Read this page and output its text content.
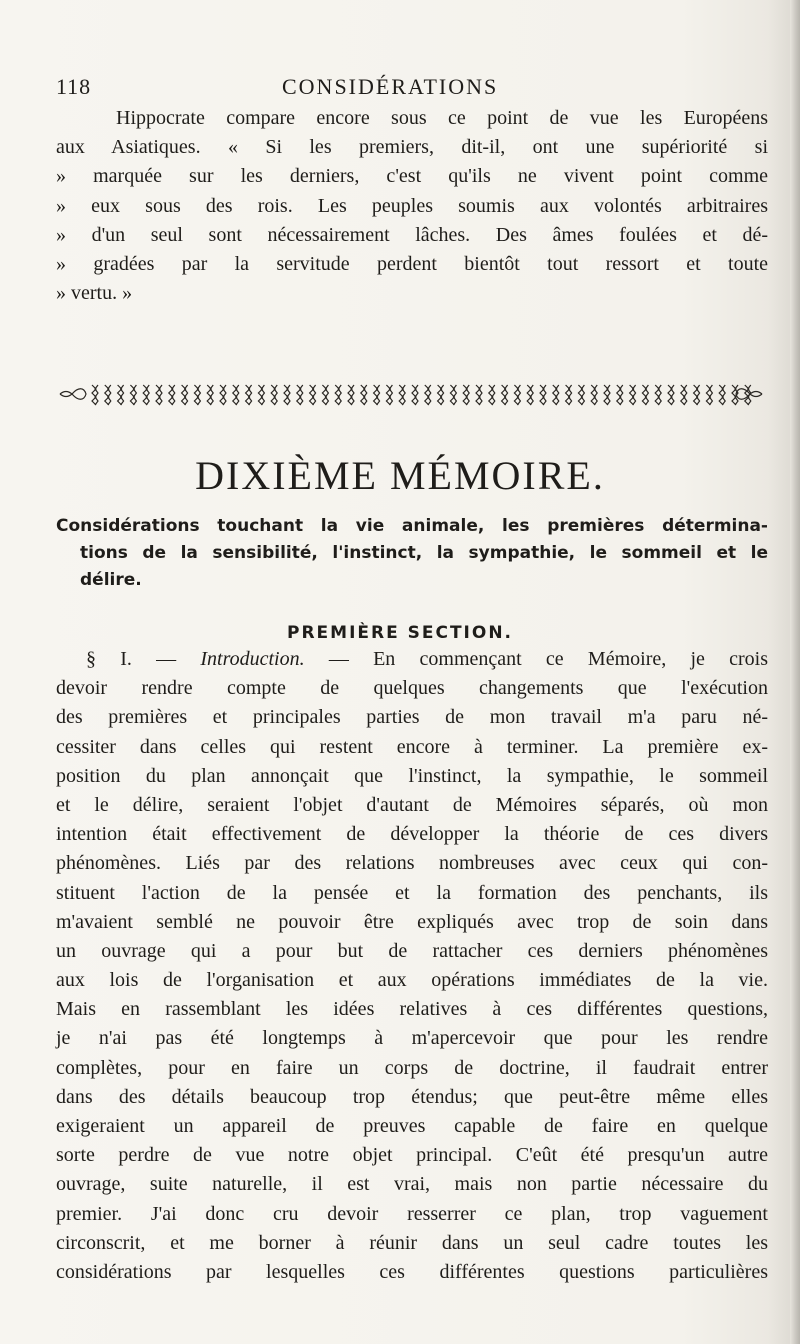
118	CONSIDÉRATIONS
Hippocrate compare encore sous ce point de vue les Européens
aux Asiatiques. « Si les premiers, dit-il, ont une supériorité si
» marquée sur les derniers, c'est qu'ils ne vivent point comme
» eux sous des rois. Les peuples soumis aux volontés arbitraires
» d'un seul sont nécessairement lâches. Des âmes foulées et dé-
» gradées par la servitude perdent bientôt tout ressort et toute
» vertu. »
DIXIÈME MÉMOIRE.
Considérations touchant la vie animale, les premières détermina-
tions de la sensibilité, l'instinct, la sympathie, le sommeil et le
délire.
PREMIÈRE SECTION.
§ I. — Introduction. — En commençant ce Mémoire, je crois
devoir rendre compte de quelques changements que l'exécution
des premières et principales parties de mon travail m'a paru né-
cessiter dans celles qui restent encore à terminer. La première ex-
position du plan annonçait que l'instinct, la sympathie, le sommeil
et le délire, seraient l'objet d'autant de Mémoires séparés, où mon
intention était effectivement de développer la théorie de ces divers
phénomènes. Liés par des relations nombreuses avec ceux qui con-
stituent l'action de la pensée et la formation des penchants, ils
m'avaient semblé ne pouvoir être expliqués avec trop de soin dans
un ouvrage qui a pour but de rattacher ces derniers phénomènes
aux lois de l'organisation et aux opérations immédiates de la vie.
Mais en rassemblant les idées relatives à ces différentes questions,
je n'ai pas été longtemps à m'apercevoir que pour les rendre
complètes, pour en faire un corps de doctrine, il faudrait entrer
dans des détails beaucoup trop étendus; que peut-être même elles
exigeraient un appareil de preuves capable de faire en quelque
sorte perdre de vue notre objet principal. C'eût été presqu'un autre
ouvrage, suite naturelle, il est vrai, mais non partie nécessaire du
premier. J'ai donc cru devoir resserrer ce plan, trop vaguement
circonscrit, et me borner à réunir dans un seul cadre toutes les
considérations par lesquelles ces différentes questions particulières
